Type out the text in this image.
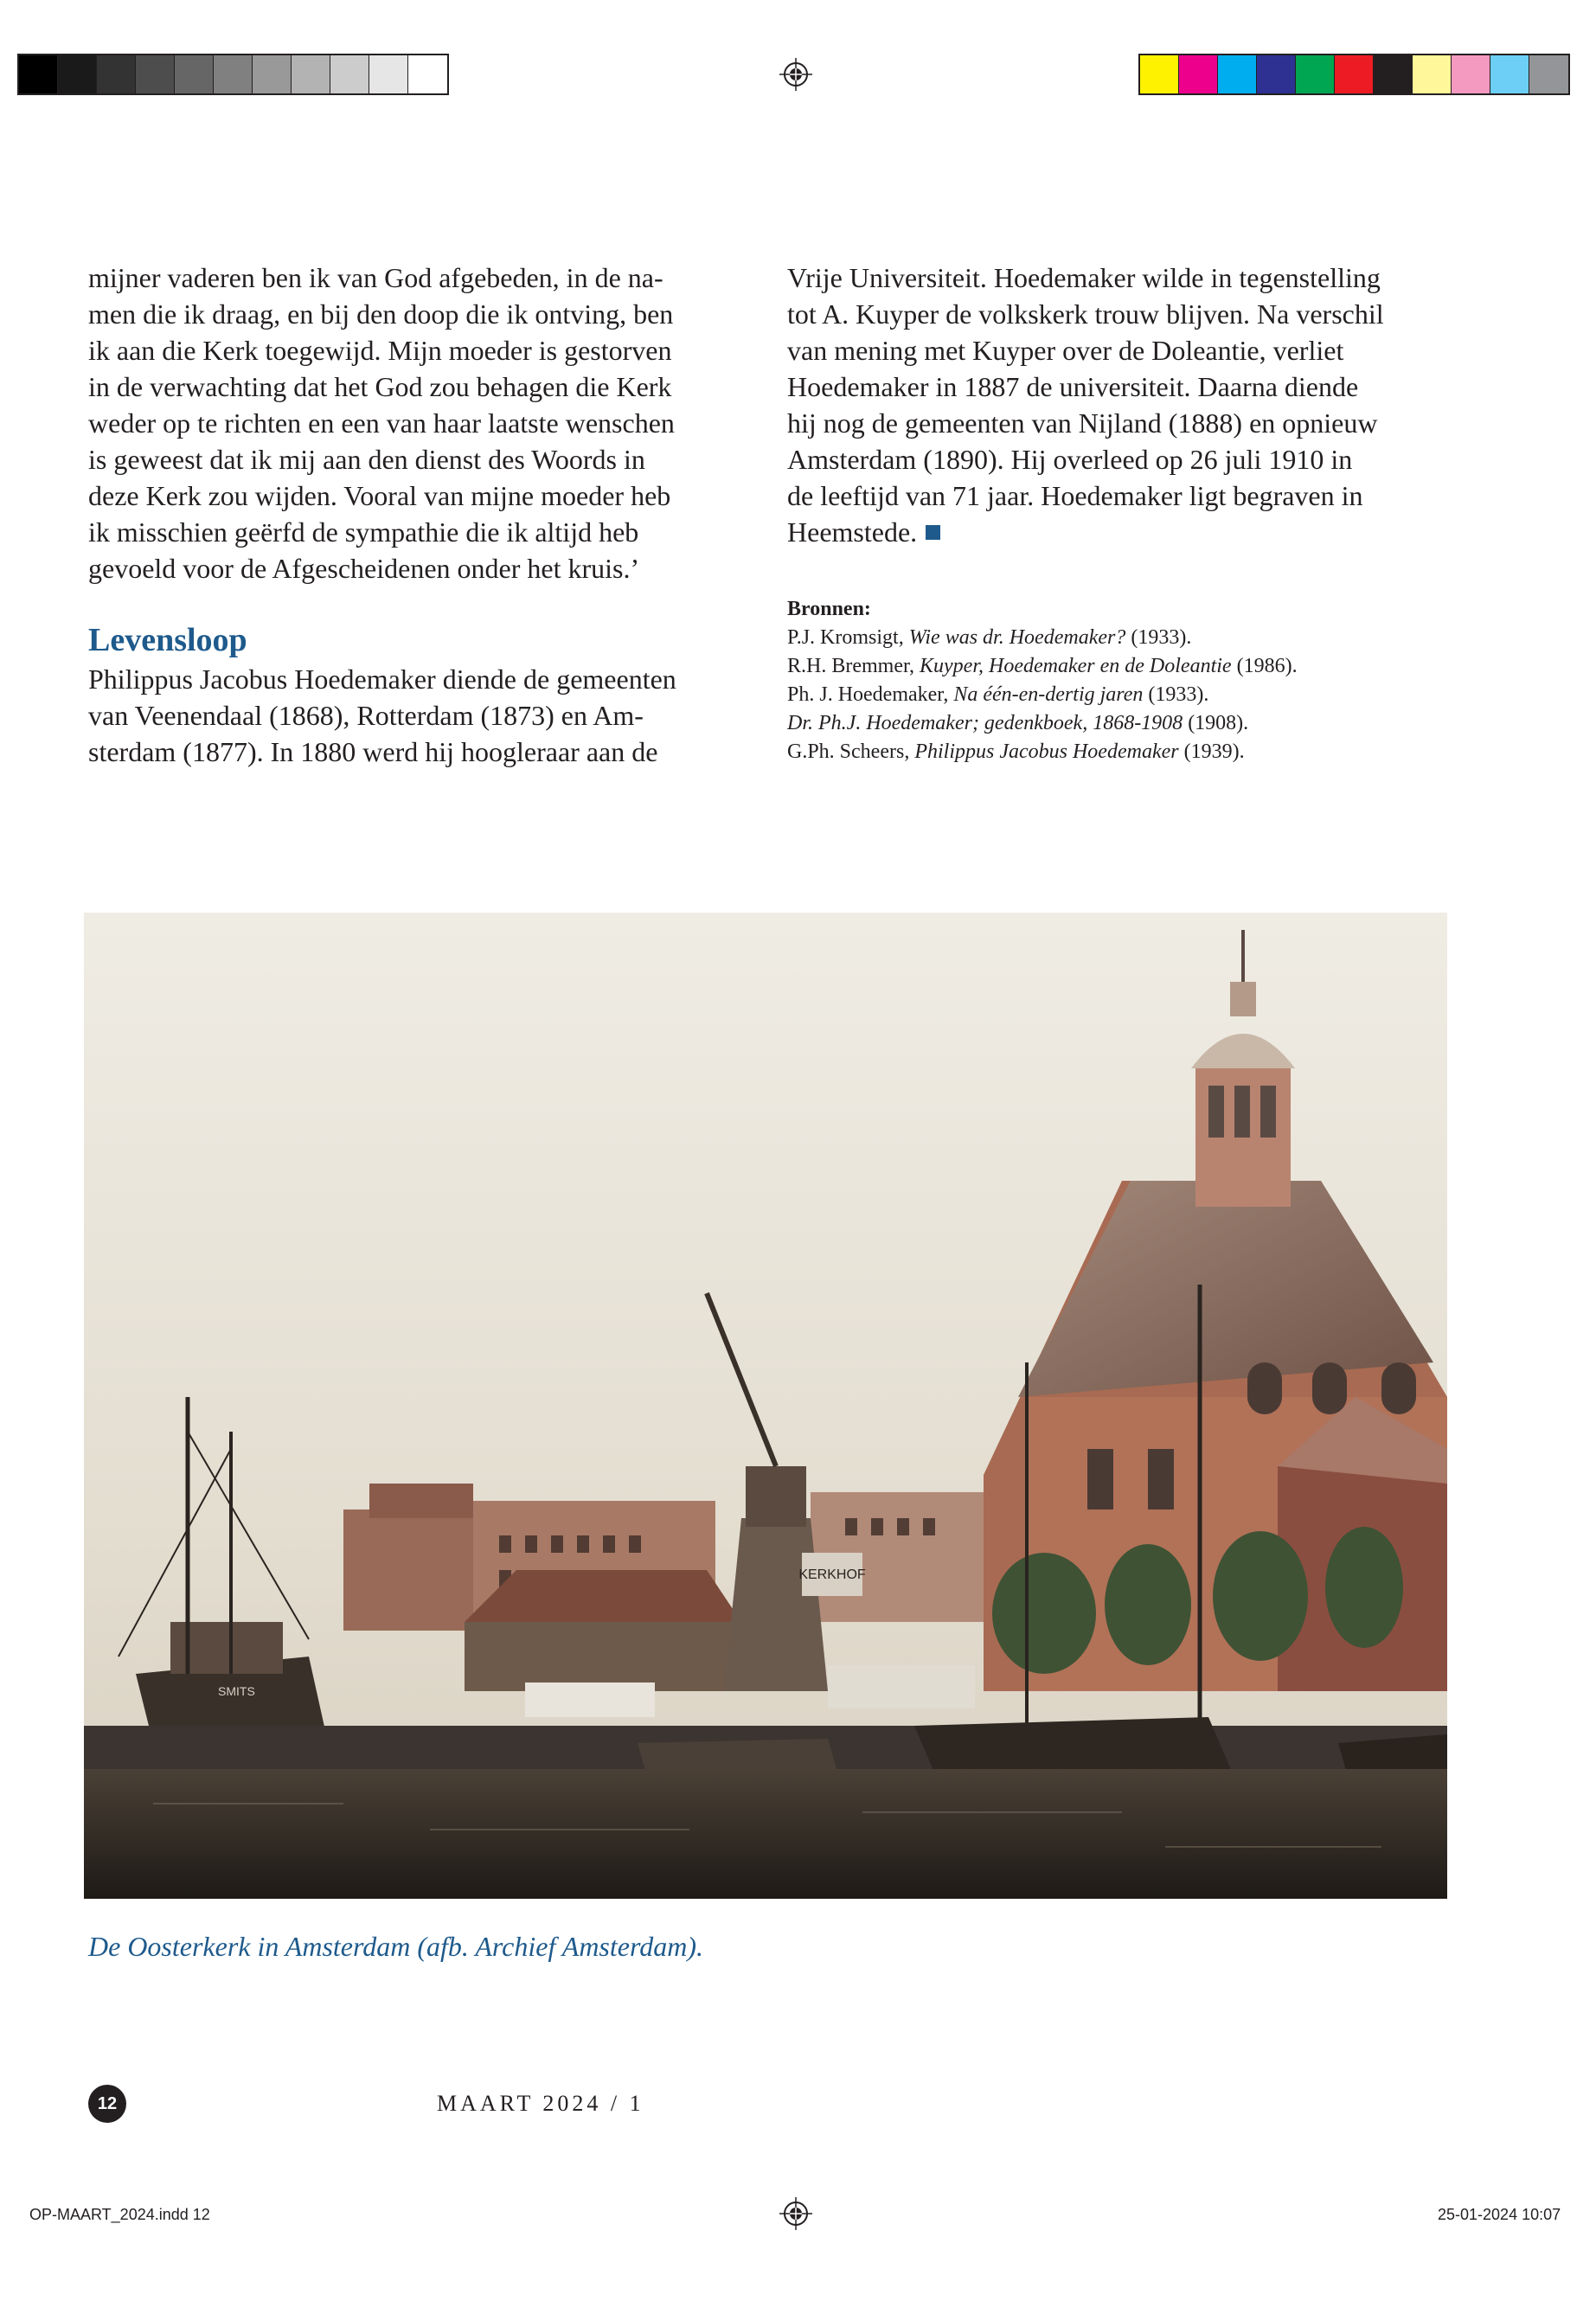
mijner vaderen ben ik van God afgebeden, in de na-
men die ik draag, en bij den doop die ik ontving, ben
ik aan die Kerk toegewijd. Mijn moeder is gestorven
in de verwachting dat het God zou behagen die Kerk
weder op te richten en een van haar laatste wenschen
is geweest dat ik mij aan den dienst des Woords in
deze Kerk zou wijden. Vooral van mijne moeder heb
ik misschien geërfd de sympathie die ik altijd heb
gevoeld voor de Afgescheidenen onder het kruis.’
Levensloop
Philippus Jacobus Hoedemaker diende de gemeenten
van Veenendaal (1868), Rotterdam (1873) en Am-
sterdam (1877). In 1880 werd hij hoogleraar aan de
Vrije Universiteit. Hoedemaker wilde in tegenstelling
tot A. Kuyper de volkskerk trouw blijven. Na verschil
van mening met Kuyper over de Doleantie, verliet
Hoedemaker in 1887 de universiteit. Daarna diende
hij nog de gemeenten van Nijland (1888) en opnieuw
Amsterdam (1890). Hij overleed op 26 juli 1910 in
de leeftijd van 71 jaar. Hoedemaker ligt begraven in
Heemstede.
Bronnen:
P.J. Kromsigt, Wie was dr. Hoedemaker? (1933).
R.H. Bremmer, Kuyper, Hoedemaker en de Doleantie (1986).
Ph. J. Hoedemaker, Na één-en-dertig jaren (1933).
Dr. Ph.J. Hoedemaker; gedenkboek, 1868-1908 (1908).
G.Ph. Scheers, Philippus Jacobus Hoedemaker (1939).
KERKHOF
SMITS
De Oosterkerk in Amsterdam (afb. Archief Amsterdam).
12	MAART 2024 / 1
OP-MAART_2024.indd 12	25-01-2024 10:07
